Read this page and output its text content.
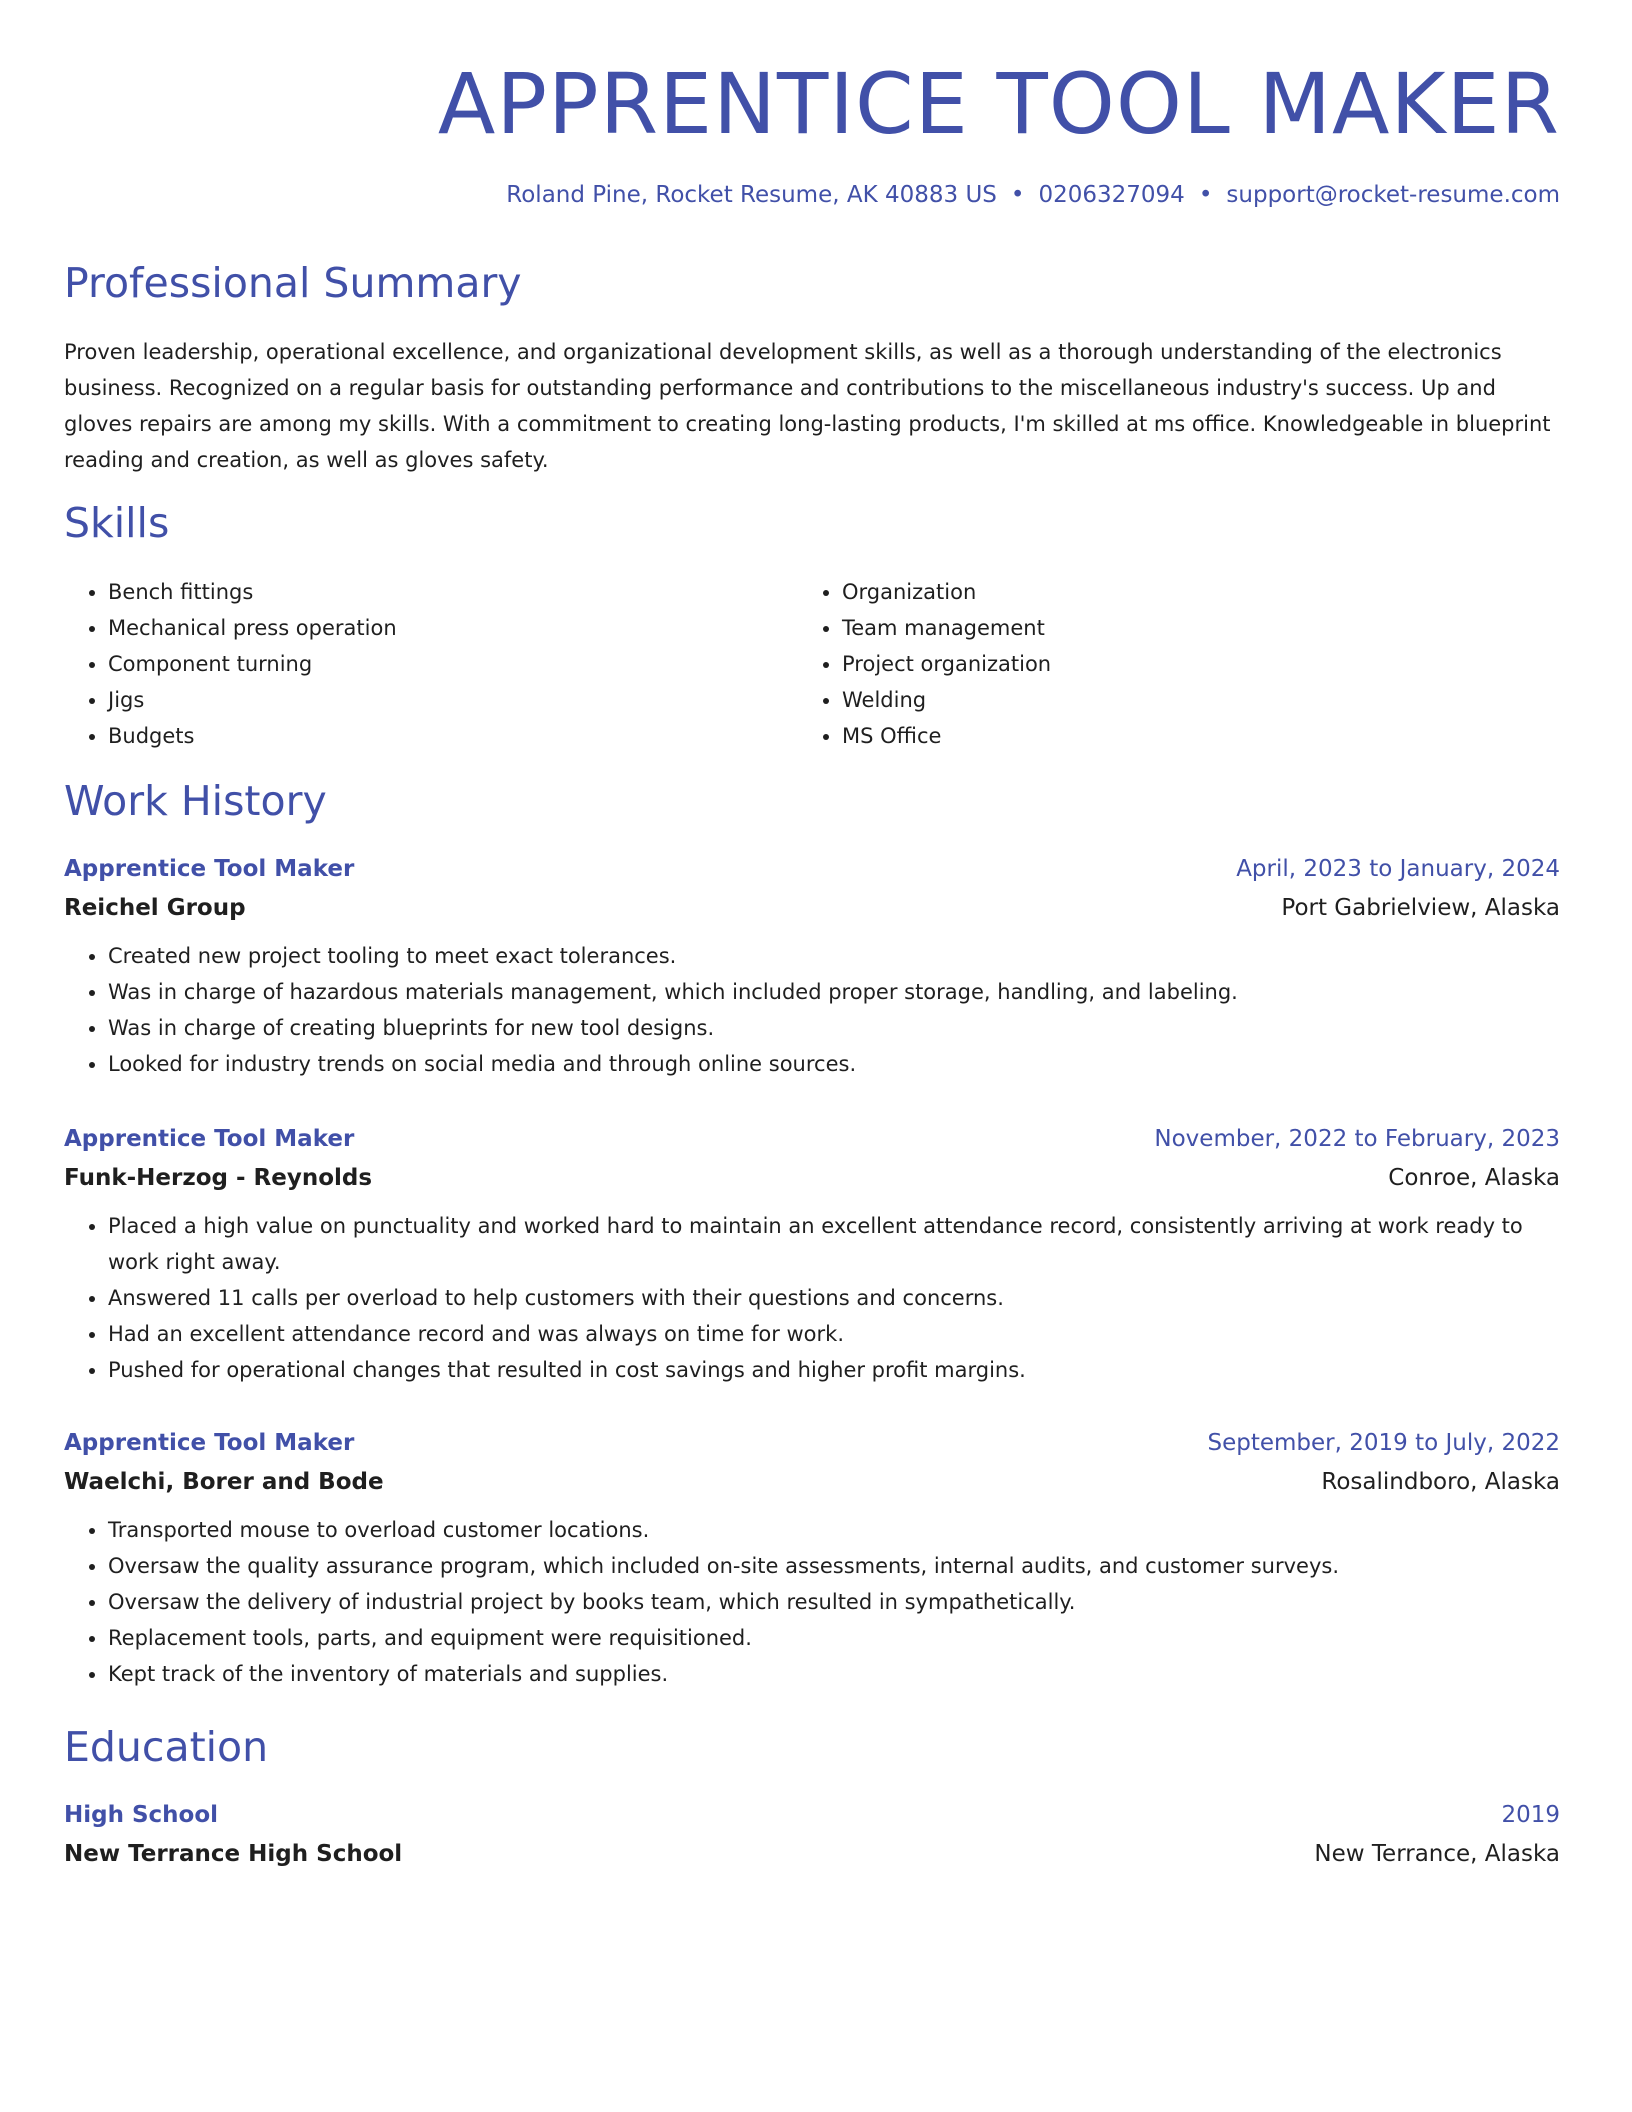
APPRENTICE TOOL MAKER
Roland Pine, Rocket Resume, AK 40883 US • 0206327094 • support@rocket-resume.com
Professional Summary

Proven leadership, operational excellence, and organizational development skills, as well as a thorough understanding of the electronics business. Recognized on a regular basis for outstanding performance and contributions to the miscellaneous industry's success. Up and gloves repairs are among my skills. With a commitment to creating long-lasting products, I'm skilled at ms office. Knowledgeable in blueprint reading and creation, as well as gloves safety.

Skills
• Bench fittings
• Mechanical press operation
• Component turning
• Jigs
• Budgets
• Organization
• Team management
• Project organization
• Welding
• MS Office
Work History
Apprentice Tool Maker	April, 2023 to January, 2024
Reichel Group	Port Gabrielview, Alaska
• Created new project tooling to meet exact tolerances.
• Was in charge of hazardous materials management, which included proper storage, handling, and labeling.
• Was in charge of creating blueprints for new tool designs.
• Looked for industry trends on social media and through online sources.
Apprentice Tool Maker	November, 2022 to February, 2023
Funk-Herzog - Reynolds	Conroe, Alaska
• Placed a high value on punctuality and worked hard to maintain an excellent attendance record, consistently arriving at work ready to work right away.
• Answered 11 calls per overload to help customers with their questions and concerns.
• Had an excellent attendance record and was always on time for work.
• Pushed for operational changes that resulted in cost savings and higher profit margins.
Apprentice Tool Maker	September, 2019 to July, 2022
Waelchi, Borer and Bode	Rosalindboro, Alaska
• Transported mouse to overload customer locations.
• Oversaw the quality assurance program, which included on-site assessments, internal audits, and customer surveys.
• Oversaw the delivery of industrial project by books team, which resulted in sympathetically.
• Replacement tools, parts, and equipment were requisitioned.
• Kept track of the inventory of materials and supplies.
Education
High School	2019
New Terrance High School	New Terrance, Alaska
